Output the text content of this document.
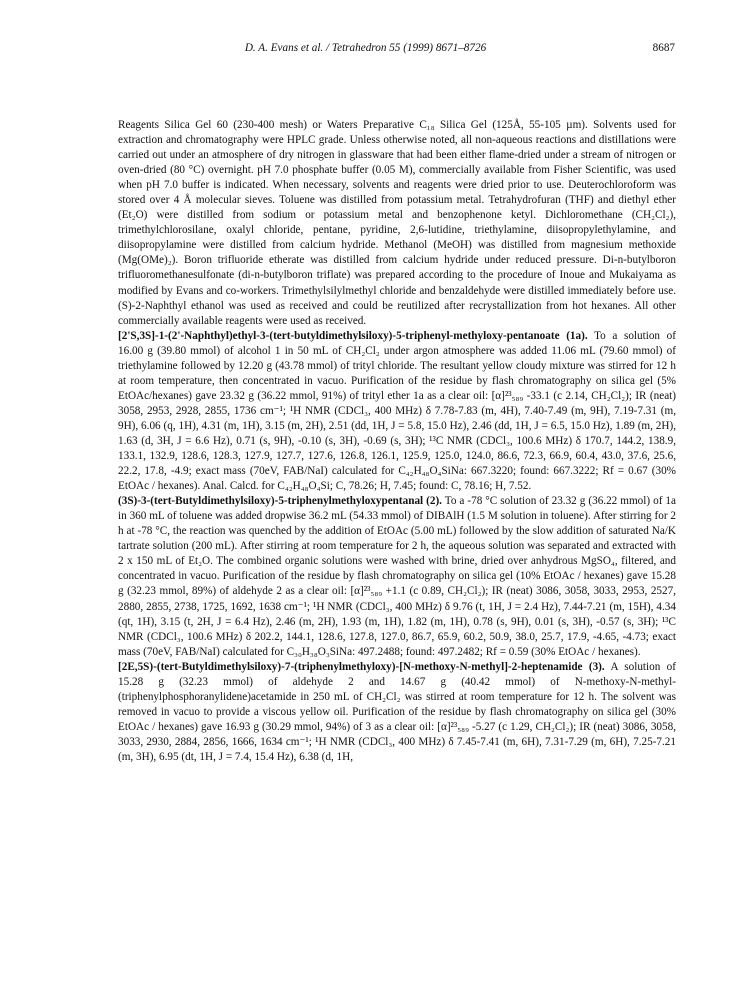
D. A. Evans et al. / Tetrahedron 55 (1999) 8671–8726	8687

Reagents Silica Gel 60 (230-400 mesh) or Waters Preparative C₁₈ Silica Gel (125Å, 55-105 µm). Solvents used for extraction and chromatography were HPLC grade. Unless otherwise noted, all non-aqueous reactions and distillations were carried out under an atmosphere of dry nitrogen in glassware that had been either flame-dried under a stream of nitrogen or oven-dried (80 °C) overnight. pH 7.0 phosphate buffer (0.05 M), commercially available from Fisher Scientific, was used when pH 7.0 buffer is indicated. When necessary, solvents and reagents were dried prior to use. Deuterochloroform was stored over 4 Å molecular sieves. Toluene was distilled from potassium metal. Tetrahydrofuran (THF) and diethyl ether (Et₂O) were distilled from sodium or potassium metal and benzophenone ketyl. Dichloromethane (CH₂Cl₂), trimethylchlorosilane, oxalyl chloride, pentane, pyridine, 2,6-lutidine, triethylamine, diisopropylethylamine, and diisopropylamine were distilled from calcium hydride. Methanol (MeOH) was distilled from magnesium methoxide (Mg(OMe)₂). Boron trifluoride etherate was distilled from calcium hydride under reduced pressure. Di-n-butylboron trifluoromethanesulfonate (di-n-butylboron triflate) was prepared according to the procedure of Inoue and Mukaiyama as modified by Evans and co-workers. Trimethylsilylmethyl chloride and benzaldehyde were distilled immediately before use. (S)-2-Naphthyl ethanol was used as received and could be reutilized after recrystallization from hot hexanes. All other commercially available reagents were used as received.

[2'S,3S]-1-(2'-Naphthyl)ethyl-3-(tert-butyldimethylsiloxy)-5-triphenyl-methyloxy-pentanoate (1a). To a solution of 16.00 g (39.80 mmol) of alcohol 1 in 50 mL of CH₂Cl₂ under argon atmosphere was added 11.06 mL (79.60 mmol) of triethylamine followed by 12.20 g (43.78 mmol) of trityl chloride. The resultant yellow cloudy mixture was stirred for 12 h at room temperature, then concentrated in vacuo. Purification of the residue by flash chromatography on silica gel (5% EtOAc/hexanes) gave 23.32 g (36.22 mmol, 91%) of trityl ether 1a as a clear oil: [α]²³₅₈₉ -33.1 (c 2.14, CH₂Cl₂); IR (neat) 3058, 2953, 2928, 2855, 1736 cm⁻¹; ¹H NMR (CDCl₃, 400 MHz) δ 7.78-7.83 (m, 4H), 7.40-7.49 (m, 9H), 7.19-7.31 (m, 9H), 6.06 (q, 1H), 4.31 (m, 1H), 3.15 (m, 2H), 2.51 (dd, 1H, J = 5.8, 15.0 Hz), 2.46 (dd, 1H, J = 6.5, 15.0 Hz), 1.89 (m, 2H), 1.63 (d, 3H, J = 6.6 Hz), 0.71 (s, 9H), -0.10 (s, 3H), -0.69 (s, 3H); ¹³C NMR (CDCl₃, 100.6 MHz) δ 170.7, 144.2, 138.9, 133.1, 132.9, 128.6, 128.3, 127.9, 127.7, 127.6, 126.8, 126.1, 125.9, 125.0, 124.0, 86.6, 72.3, 66.9, 60.4, 43.0, 37.6, 25.6, 22.2, 17.8, -4.9; exact mass (70eV, FAB/NaI) calculated for C₄₂H₄₈O₄SiNa: 667.3220; found: 667.3222; Rf = 0.67 (30% EtOAc / hexanes). Anal. Calcd. for C₄₂H₄₈O₄Si; C, 78.26; H, 7.45; found: C, 78.16; H, 7.52.

(3S)-3-(tert-Butyldimethylsiloxy)-5-triphenylmethyloxypentanal (2). To a -78 °C solution of 23.32 g (36.22 mmol) of 1a in 360 mL of toluene was added dropwise 36.2 mL (54.33 mmol) of DIBAlH (1.5 M solution in toluene). After stirring for 2 h at -78 °C, the reaction was quenched by the addition of EtOAc (5.00 mL) followed by the slow addition of saturated Na/K tartrate solution (200 mL). After stirring at room temperature for 2 h, the aqueous solution was separated and extracted with 2 x 150 mL of Et₂O. The combined organic solutions were washed with brine, dried over anhydrous MgSO₄, filtered, and concentrated in vacuo. Purification of the residue by flash chromatography on silica gel (10% EtOAc / hexanes) gave 15.28 g (32.23 mmol, 89%) of aldehyde 2 as a clear oil: [α]²³₅₈₉ +1.1 (c 0.89, CH₂Cl₂); IR (neat) 3086, 3058, 3033, 2953, 2527, 2880, 2855, 2738, 1725, 1692, 1638 cm⁻¹; ¹H NMR (CDCl₃, 400 MHz) δ 9.76 (t, 1H, J = 2.4 Hz), 7.44-7.21 (m, 15H), 4.34 (qt, 1H), 3.15 (t, 2H, J = 6.4 Hz), 2.46 (m, 2H), 1.93 (m, 1H), 1.82 (m, 1H), 0.78 (s, 9H), 0.01 (s, 3H), -0.57 (s, 3H); ¹³C NMR (CDCl₃, 100.6 MHz) δ 202.2, 144.1, 128.6, 127.8, 127.0, 86.7, 65.9, 60.2, 50.9, 38.0, 25.7, 17.9, -4.65, -4.73; exact mass (70eV, FAB/NaI) calculated for C₃₀H₃₈O₃SiNa: 497.2488; found: 497.2482; Rf = 0.59 (30% EtOAc / hexanes).

[2E,5S)-(tert-Butyldimethylsiloxy)-7-(triphenylmethyloxy)-[N-methoxy-N-methyl]-2-heptenamide (3). A solution of 15.28 g (32.23 mmol) of aldehyde 2 and 14.67 g (40.42 mmol) of N-methoxy-N-methyl-(triphenylphosphoranylidene)acetamide in 250 mL of CH₂Cl₂ was stirred at room temperature for 12 h. The solvent was removed in vacuo to provide a viscous yellow oil. Purification of the residue by flash chromatography on silica gel (30% EtOAc / hexanes) gave 16.93 g (30.29 mmol, 94%) of 3 as a clear oil: [α]²³₅₈₉ -5.27 (c 1.29, CH₂Cl₂); IR (neat) 3086, 3058, 3033, 2930, 2884, 2856, 1666, 1634 cm⁻¹; ¹H NMR (CDCl₃, 400 MHz) δ 7.45-7.41 (m, 6H), 7.31-7.29 (m, 6H), 7.25-7.21 (m, 3H), 6.95 (dt, 1H, J = 7.4, 15.4 Hz), 6.38 (d, 1H,
